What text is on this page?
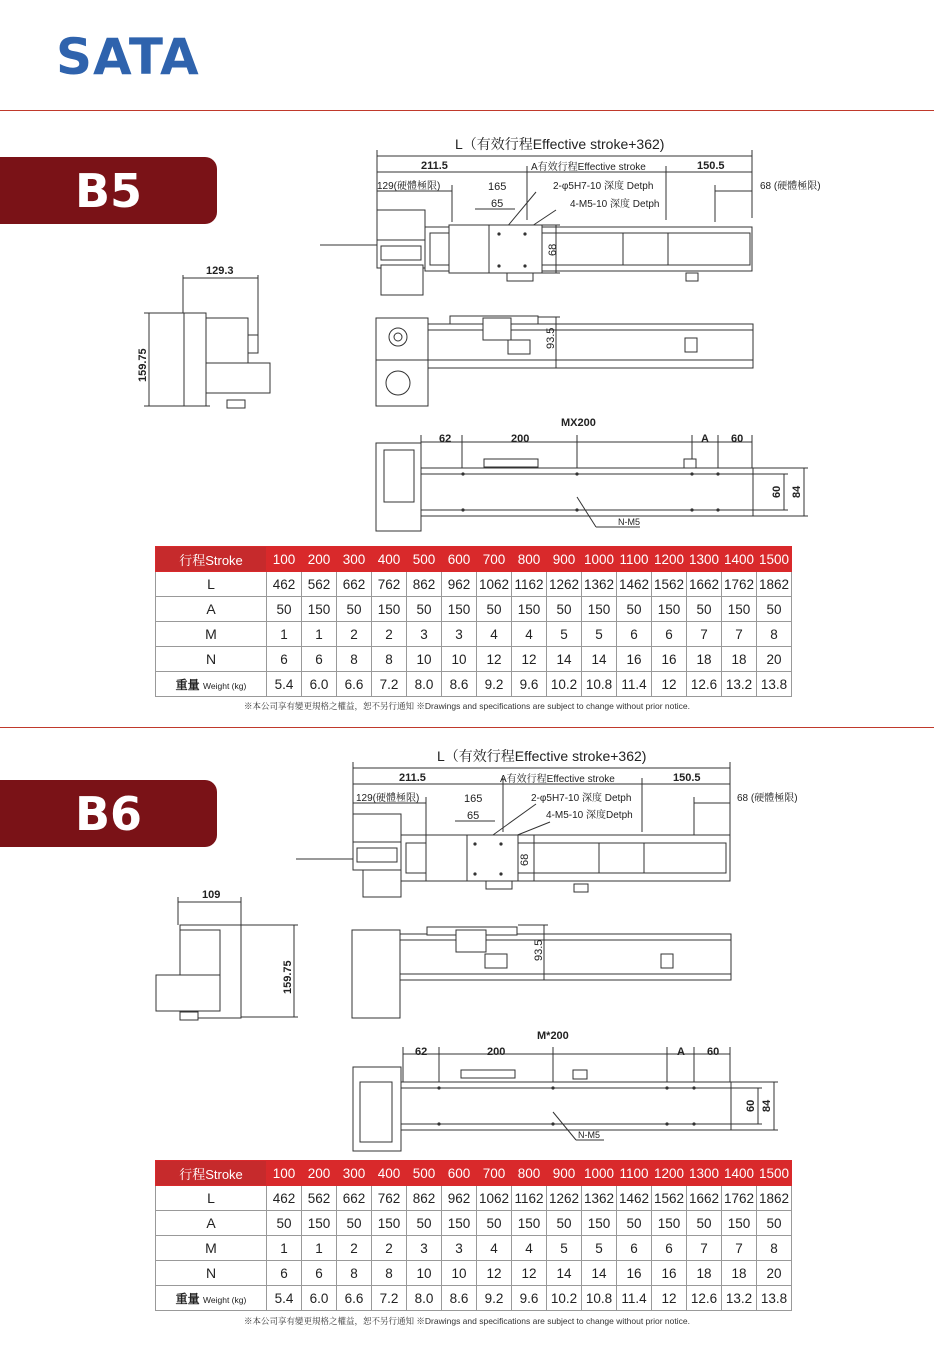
SATA
B5
L（有效行程Effective stroke+362)
211.5	A有效行程Effective stroke	150.5
129(硬體極限)	165
65
2-φ5H7-10 深度 Detph
4-M5-10 深度 Detph
68 (硬體極限)
68
93.5
129.3
159.75
MX200
62	200	A 60
60 84
N-M5
行程Stroke	100	200	300	400	500	600	700	800	900	1000	1100	1200	1300	1400	1500
L	462	562	662	762	862	962	1062	1162	1262	1362	1462	1562	1662	1762	1862
A	50	150	50	150	50	150	50	150	50	150	50	150	50	150	50
M	1	1	2	2	3	3	4	4	5	5	6	6	7	7	8
N	6	6	8	8	10	10	12	12	14	14	16	16	18	18	20
重量 Weight (kg)	5.4	6.0	6.6	7.2	8.0	8.6	9.2	9.6	10.2	10.8	11.4	12	12.6	13.2	13.8
※本公司享有變更規格之權益，恕不另行通知 ※Drawings and specifications are subject to change without prior notice.
B6
L（有效行程Effective stroke+362)
211.5	A有效行程Effective stroke	150.5
129(硬體極限)	165
65
2-φ5H7-10 深度 Detph
4-M5-10 深度Detph
68 (硬體極限)
68
93.5
109
159.75
M*200
62	200	A 60
60 84
N-M5
行程Stroke	100	200	300	400	500	600	700	800	900	1000	1100	1200	1300	1400	1500
L	462	562	662	762	862	962	1062	1162	1262	1362	1462	1562	1662	1762	1862
A	50	150	50	150	50	150	50	150	50	150	50	150	50	150	50
M	1	1	2	2	3	3	4	4	5	5	6	6	7	7	8
N	6	6	8	8	10	10	12	12	14	14	16	16	18	18	20
重量 Weight (kg)	5.4	6.0	6.6	7.2	8.0	8.6	9.2	9.6	10.2	10.8	11.4	12	12.6	13.2	13.8
※本公司享有變更規格之權益，恕不另行通知 ※Drawings and specifications are subject to change without prior notice.
